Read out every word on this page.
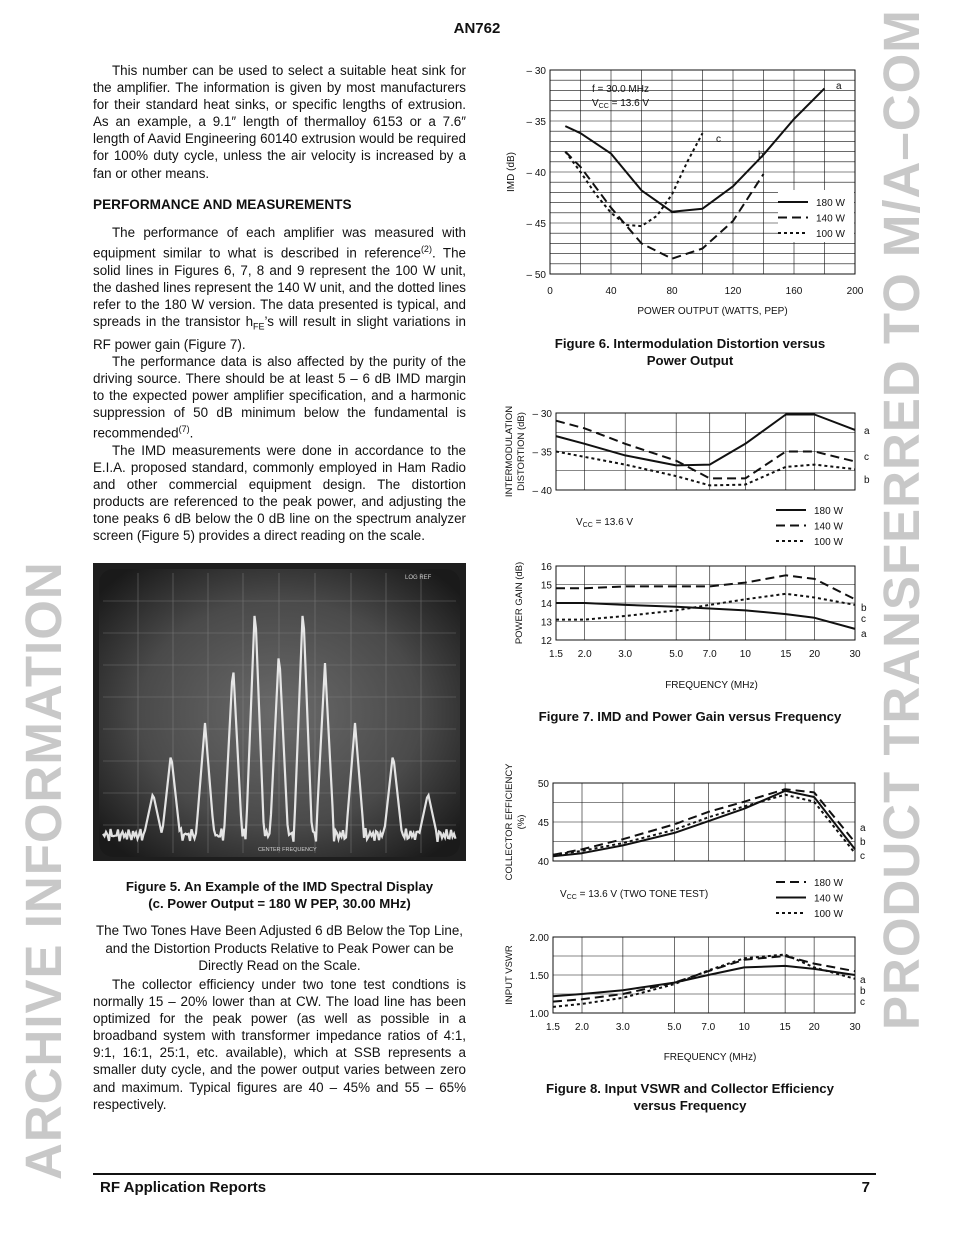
ARCHIVE INFORMATION	PRODUCT TRANSFERRED TO M/A–COM
AN762

This number can be used to select a suitable heat sink for the amplifier. The information is given by most manufacturers for their standard heat sinks, or specific lengths of extrusion. As an example, a 9.1″ length of thermalloy 6153 or a 7.6″ length of Aavid Engineering 60140 extrusion would be required for 100% duty cycle, unless the air velocity is increased by a fan or other means.

PERFORMANCE AND MEASUREMENTS

The performance of each amplifier was measured with equipment similar to what is described in reference$^{(2)}$. The solid lines in Figures 6, 7, 8 and 9 represent the 100 W unit, the dashed lines represent the 140 W unit, and the dotted lines refer to the 180 W version. The data presented is typical, and spreads in the transistor $h_{FE}’s$ will result in slight variations in RF power gain (Figure 7).

The performance data is also affected by the purity of the driving source. There should be at least 5 – 6 dB IMD margin to the expected power amplifier specification, and a harmonic suppression of 50 dB minimum below the fundamental is recommended$^{(7)}$.

The IMD measurements were done in accordance to the E.I.A. proposed standard, commonly employed in Ham Radio and other commercial equipment design. The distortion products are referenced to the peak power, and adjusting the tone peaks 6 dB below the 0 dB line on the spectrum analyzer screen (Figure 5) provides a direct reading on the scale.

LOG REF
CENTER FREQUENCY
Figure 5. An Example of the IMD Spectral Display
(c. Power Output = 180 W PEP, 30.00 MHz)
The Two Tones Have Been Adjusted 6 dB Below the Top Line, and the Distortion Products Relative to Peak Power can be Directly Read on the Scale.

The collector efficiency under two tone test condtions is normally 15 – 20% lower than at CW. The load line has been optimized for the peak power (as well as possible in a broadband system with transformer impedance ratios of 4:1, 9:1, 16:1, 25:1, etc. available), which at SSB represents a smaller duty cycle, and the power output varies between zero and maximum. Typical figures are 40 – 45% and 55 – 65% respectively.

– 30
– 35
– 40
– 45
– 50
0	40	80	120	160	200
POWER OUTPUT (WATTS, PEP)
IMD (dB)
f = 30.0 MHz
$V_{CC} = 13.6$ V
a
b
c
180 W
140 W
100 W
– 30
– 35
– 40
INTERMODULATION DISTORTION (dB)	a
c
b
$V_{CC} = 13.6$ V
180 W
140 W
100 W
16
15
14
13
12
1.5 2.0	3.0	5.0 7.0 10	15 20	30
FREQUENCY (MHz)
POWER GAIN (dB)	b
c
a
50
45
40
COLLECTOR EFFICIENCY (%)	a
b
c
$V_{CC} = 13.6$ V (TWO TONE TEST)
180 W
140 W
100 W
2.00
1.50
1.00
1.5 2.0	3.0	5.0 7.0 10	15 20	30
FREQUENCY (MHz)
INPUT VSWR	a
b
c
Figure 6. Intermodulation Distortion versus
Power Output
Figure 7. IMD and Power Gain versus Frequency
Figure 8. Input VSWR and Collector Efficiency
versus Frequency
RF Application Reports	7
